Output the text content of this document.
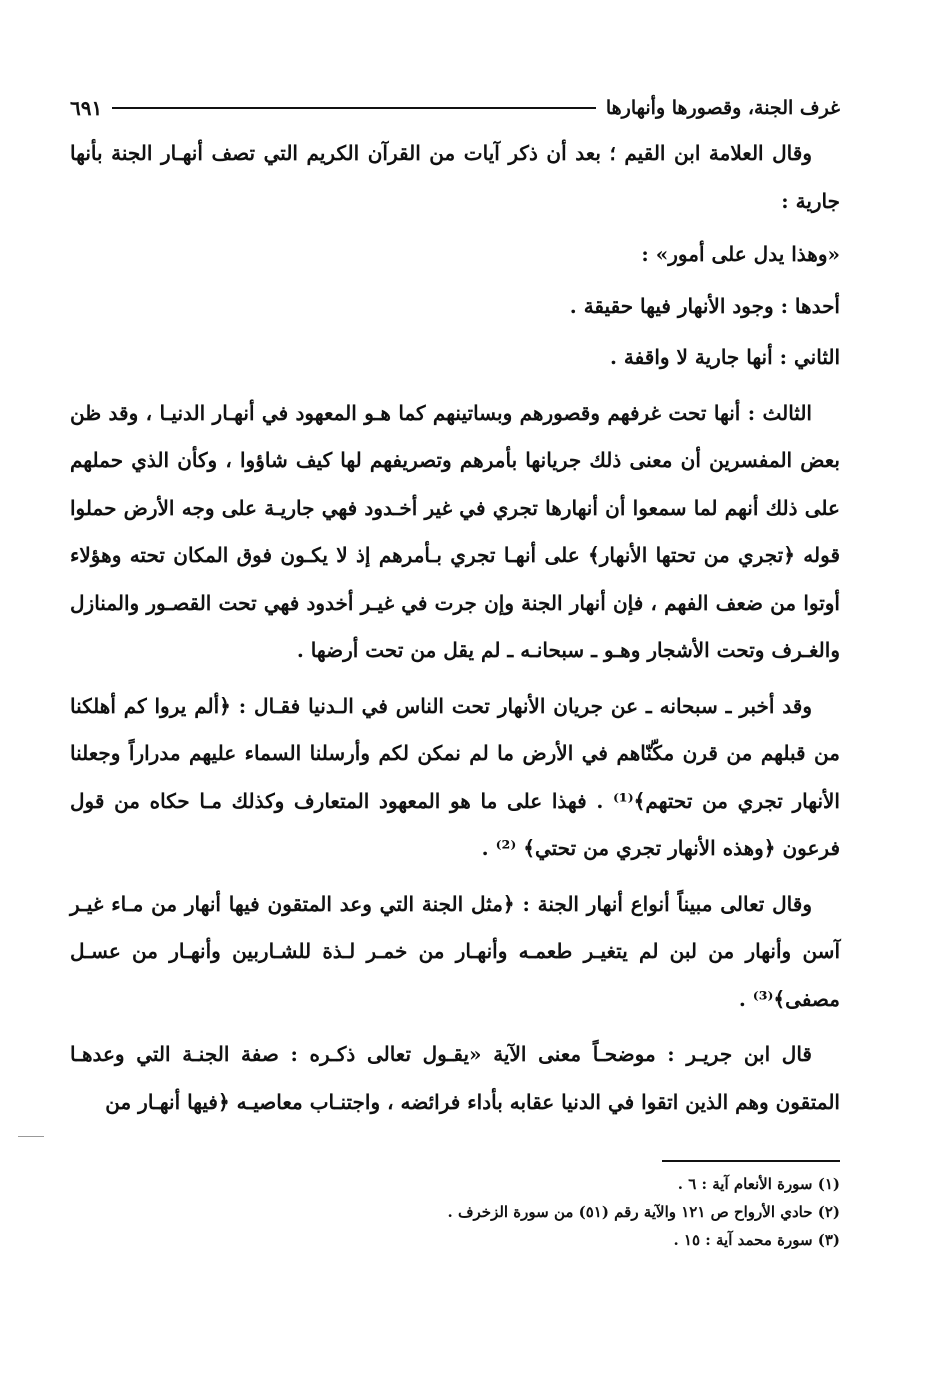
غرف الجنة، وقصورها وأنهارها
٦٩١

وقال العلامة ابن القيم ؛ بعد أن ذكر آيات من القرآن الكريم التي تصف أنهـار الجنة بأنها جارية :

«وهذا يدل على أمور» :

أحدها : وجود الأنهار فيها حقيقة .

الثاني : أنها جارية لا واقفة .

الثالث : أنها تحت غرفهم وقصورهم وبساتينهم كما هـو المعهود في أنهـار الدنيـا ، وقد ظن بعض المفسرين أن معنى ذلك جريانها بأمرهم وتصريفهم لها كيف شاؤوا ، وكأن الذي حملهم على ذلك أنهم لما سمعوا أن أنهارها تجري في غير أخـدود فهي جاريـة على وجه الأرض حملوا قوله ﴿تجري من تحتها الأنهار﴾ على أنهـا تجري بـأمرهم إذ لا يكـون فوق المكان تحته وهؤلاء أوتوا من ضعف الفهم ، فإن أنهار الجنة وإن جرت في غيـر أخدود فهي تحت القصـور والمنازل والغـرف وتحت الأشجار وهـو ـ سبحانـه ـ لم يقل من تحت أرضها .

وقد أخبر ـ سبحانه ـ عن جريان الأنهار تحت الناس في الـدنيا فقـال : ﴿ألم يروا كم أهلكنا من قبلهم من قرن مكّنّاهم في الأرض ما لم نمكن لكم وأرسلنا السماء عليهم مدراراً وجعلنا الأنهار تجري من تحتهم﴾⁽¹⁾ . فهذا على ما هو المعهود المتعارف وكذلك مـا حكاه من قول فرعون ﴿وهذه الأنهار تجري من تحتي﴾ ⁽²⁾ .

وقال تعالى مبيناً أنواع أنهار الجنة : ﴿مثل الجنة التي وعد المتقون فيها أنهار من مـاء غيـر آسن وأنهار من لبن لم يتغيـر طعمـه وأنهـار من خمـر لـذة للشـاربين وأنهـار من عسـل مصفى﴾⁽³⁾ .

قال ابن جريـر : موضحـاً معنى الآية «يقـول تعالى ذكـره : صفة الجنـة التي وعدهـا المتقون وهم الذين اتقوا في الدنيا عقابه بأداء فرائضه ، واجتنـاب معاصيـه ﴿فيها أنهـار من

(١) سورة الأنعام آية : ٦ .

(٢) حادي الأرواح ص ١٢١ والآية رقم (٥١) من سورة الزخرف .

(٣) سورة محمد آية : ١٥ .
